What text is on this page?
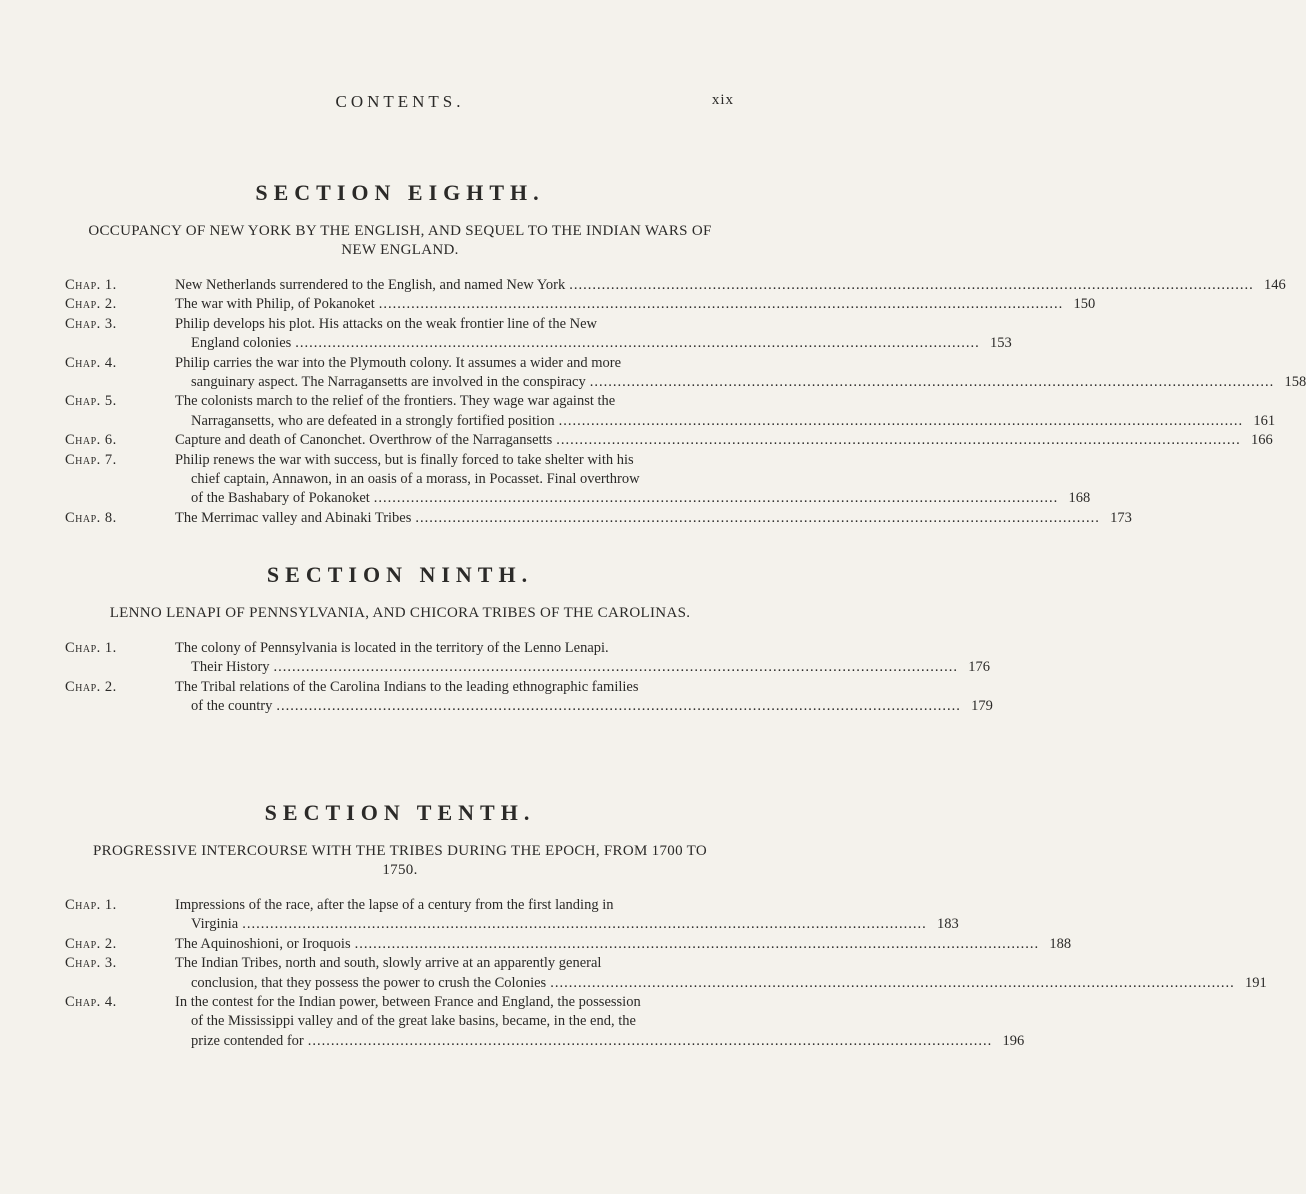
CONTENTS.	xix
SECTION EIGHTH.
OCCUPANCY OF NEW YORK BY THE ENGLISH, AND SEQUEL TO THE INDIAN WARS OF NEW ENGLAND.
Chap. 1.	New Netherlands surrendered to the English, and named New York .....	146
Chap. 2.	The war with Philip, of Pokanoket .....	150
Chap. 3.	Philip develops his plot. His attacks on the weak frontier line of the New
England colonies .....	153
Chap. 4.	Philip carries the war into the Plymouth colony. It assumes a wider and more
sanguinary aspect. The Narragansetts are involved in the conspiracy .....	158
Chap. 5.	The colonists march to the relief of the frontiers. They wage war against the
Narragansetts, who are defeated in a strongly fortified position .....	161
Chap. 6.	Capture and death of Canonchet. Overthrow of the Narragansetts .....	166
Chap. 7.	Philip renews the war with success, but is finally forced to take shelter with his
chief captain, Annawon, in an oasis of a morass, in Pocasset. Final overthrow
of the Bashabary of Pokanoket .....	168
Chap. 8.	The Merrimac valley and Abinaki Tribes .....	173
SECTION NINTH.
LENNO LENAPI OF PENNSYLVANIA, AND CHICORA TRIBES OF THE CAROLINAS.
Chap. 1.	The colony of Pennsylvania is located in the territory of the Lenno Lenapi.
Their History .....	176
Chap. 2.	The Tribal relations of the Carolina Indians to the leading ethnographic families
of the country .....	179
SECTION TENTH.
PROGRESSIVE INTERCOURSE WITH THE TRIBES DURING THE EPOCH, FROM 1700 TO 1750.
Chap. 1.	Impressions of the race, after the lapse of a century from the first landing in
Virginia .....	183
Chap. 2.	The Aquinoshioni, or Iroquois .....	188
Chap. 3.	The Indian Tribes, north and south, slowly arrive at an apparently general
conclusion, that they possess the power to crush the Colonies .....	191
Chap. 4.	In the contest for the Indian power, between France and England, the possession
of the Mississippi valley and of the great lake basins, became, in the end, the
prize contended for .....	196
